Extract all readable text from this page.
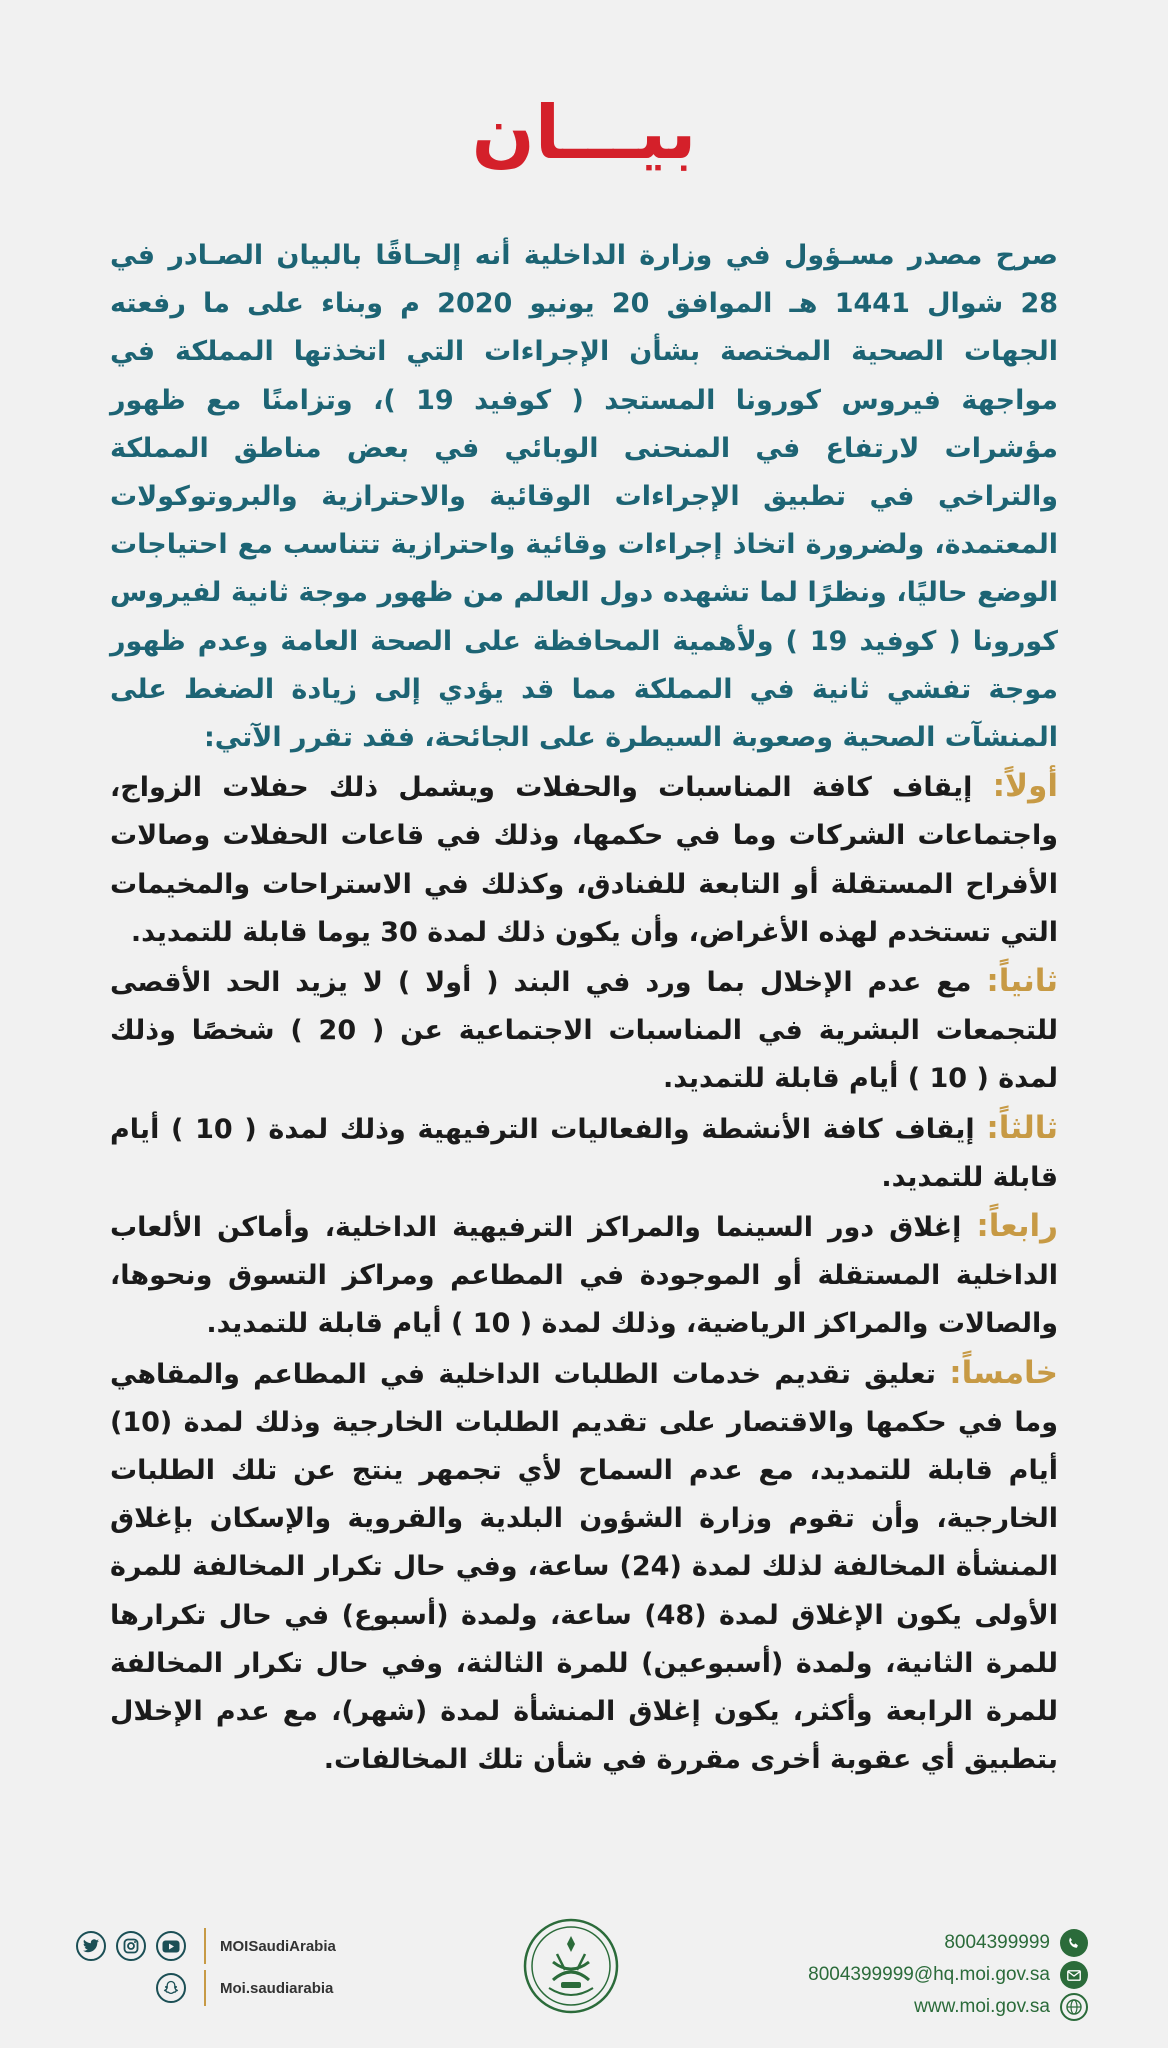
بيـــان

صرح مصدر مسـؤول في وزارة الداخلية أنه إلحـاقًا بالبيان الصـادر في 28 شوال 1441 هـ الموافق 20 يونيو 2020 م وبناء على ما رفعته الجهات الصحية المختصة بشأن الإجراءات التي اتخذتها المملكة في مواجهة فيروس كورونا المستجد ( كوفيد 19 )، وتزامنًا مع ظهور مؤشرات لارتفاع في المنحنى الوبائي في بعض مناطق المملكة والتراخي في تطبيق الإجراءات الوقائية والاحترازية والبروتوكولات المعتمدة، ولضرورة اتخاذ إجراءات وقائية واحترازية تتناسب مع احتياجات الوضع حاليًا، ونظرًا لما تشهده دول العالم من ظهور موجة ثانية لفيروس كورونا ( كوفيد 19 ) ولأهمية المحافظة على الصحة العامة وعدم ظهور موجة تفشي ثانية في المملكة مما قد يؤدي إلى زيادة الضغط على المنشآت الصحية وصعوبة السيطرة على الجائحة، فقد تقرر الآتي:

أولاً: إيقاف كافة المناسبات والحفلات ويشمل ذلك حفلات الزواج، واجتماعات الشركات وما في حكمها، وذلك في قاعات الحفلات وصالات الأفراح المستقلة أو التابعة للفنادق، وكذلك في الاستراحات والمخيمات التي تستخدم لهذه الأغراض، وأن يكون ذلك لمدة 30 يوما قابلة للتمديد.

ثانياً: مع عدم الإخلال بما ورد في البند ( أولا ) لا يزيد الحد الأقصى للتجمعات البشرية في المناسبات الاجتماعية عن ( 20 ) شخصًا وذلك لمدة ( 10 ) أيام قابلة للتمديد.

ثالثاً: إيقاف كافة الأنشطة والفعاليات الترفيهية وذلك لمدة ( 10 ) أيام قابلة للتمديد.

رابعاً: إغلاق دور السينما والمراكز الترفيهية الداخلية، وأماكن الألعاب الداخلية المستقلة أو الموجودة في المطاعم ومراكز التسوق ونحوها، والصالات والمراكز الرياضية، وذلك لمدة ( 10 ) أيام قابلة للتمديد.

خامساً: تعليق تقديم خدمات الطلبات الداخلية في المطاعم والمقاهي وما في حكمها والاقتصار على تقديم الطلبات الخارجية وذلك لمدة (10) أيام قابلة للتمديد، مع عدم السماح لأي تجمهر ينتج عن تلك الطلبات الخارجية، وأن تقوم وزارة الشؤون البلدية والقروية والإسكان بإغلاق المنشأة المخالفة لذلك لمدة (24) ساعة، وفي حال تكرار المخالفة للمرة الأولى يكون الإغلاق لمدة (48) ساعة، ولمدة (أسبوع) في حال تكرارها للمرة الثانية، ولمدة (أسبوعين) للمرة الثالثة، وفي حال تكرار المخالفة للمرة الرابعة وأكثر، يكون إغلاق المنشأة لمدة (شهر)، مع عدم الإخلال بتطبيق أي عقوبة أخرى مقررة في شأن تلك المخالفات.

MOISaudiArabia
Moi.saudiarabia
8004399999
8004399999@hq.moi.gov.sa
www.moi.gov.sa
